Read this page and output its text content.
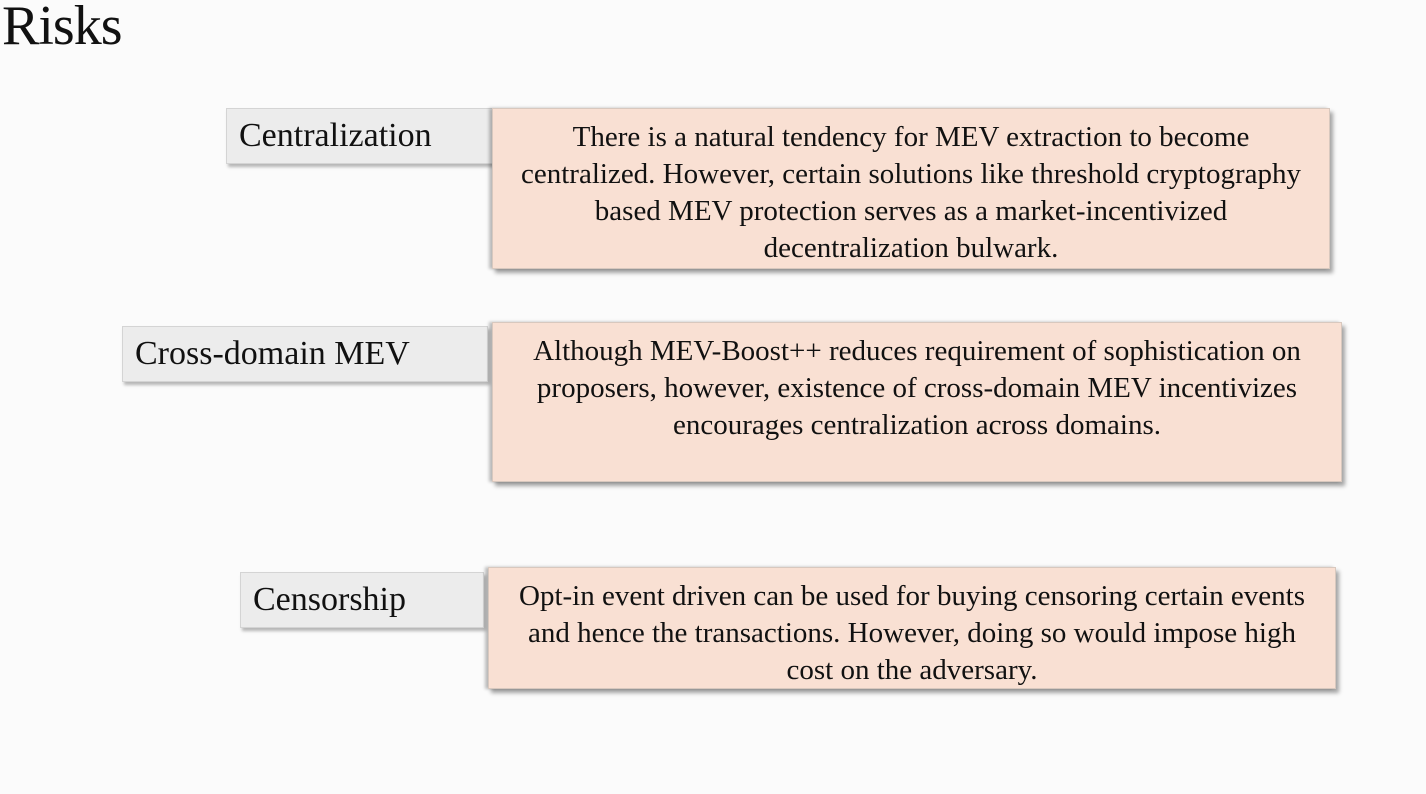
Risks
Centralization	There is a natural tendency for MEV extraction to become centralized. However, certain solutions like threshold cryptography based MEV protection serves as a market-incentivized decentralization bulwark.
Cross-domain MEV	Although MEV-Boost++ reduces requirement of sophistication on proposers, however, existence of cross-domain MEV incentivizes encourages centralization across domains.
Censorship	Opt-in event driven can be used for buying censoring certain events and hence the transactions. However, doing so would impose high cost on the adversary.
